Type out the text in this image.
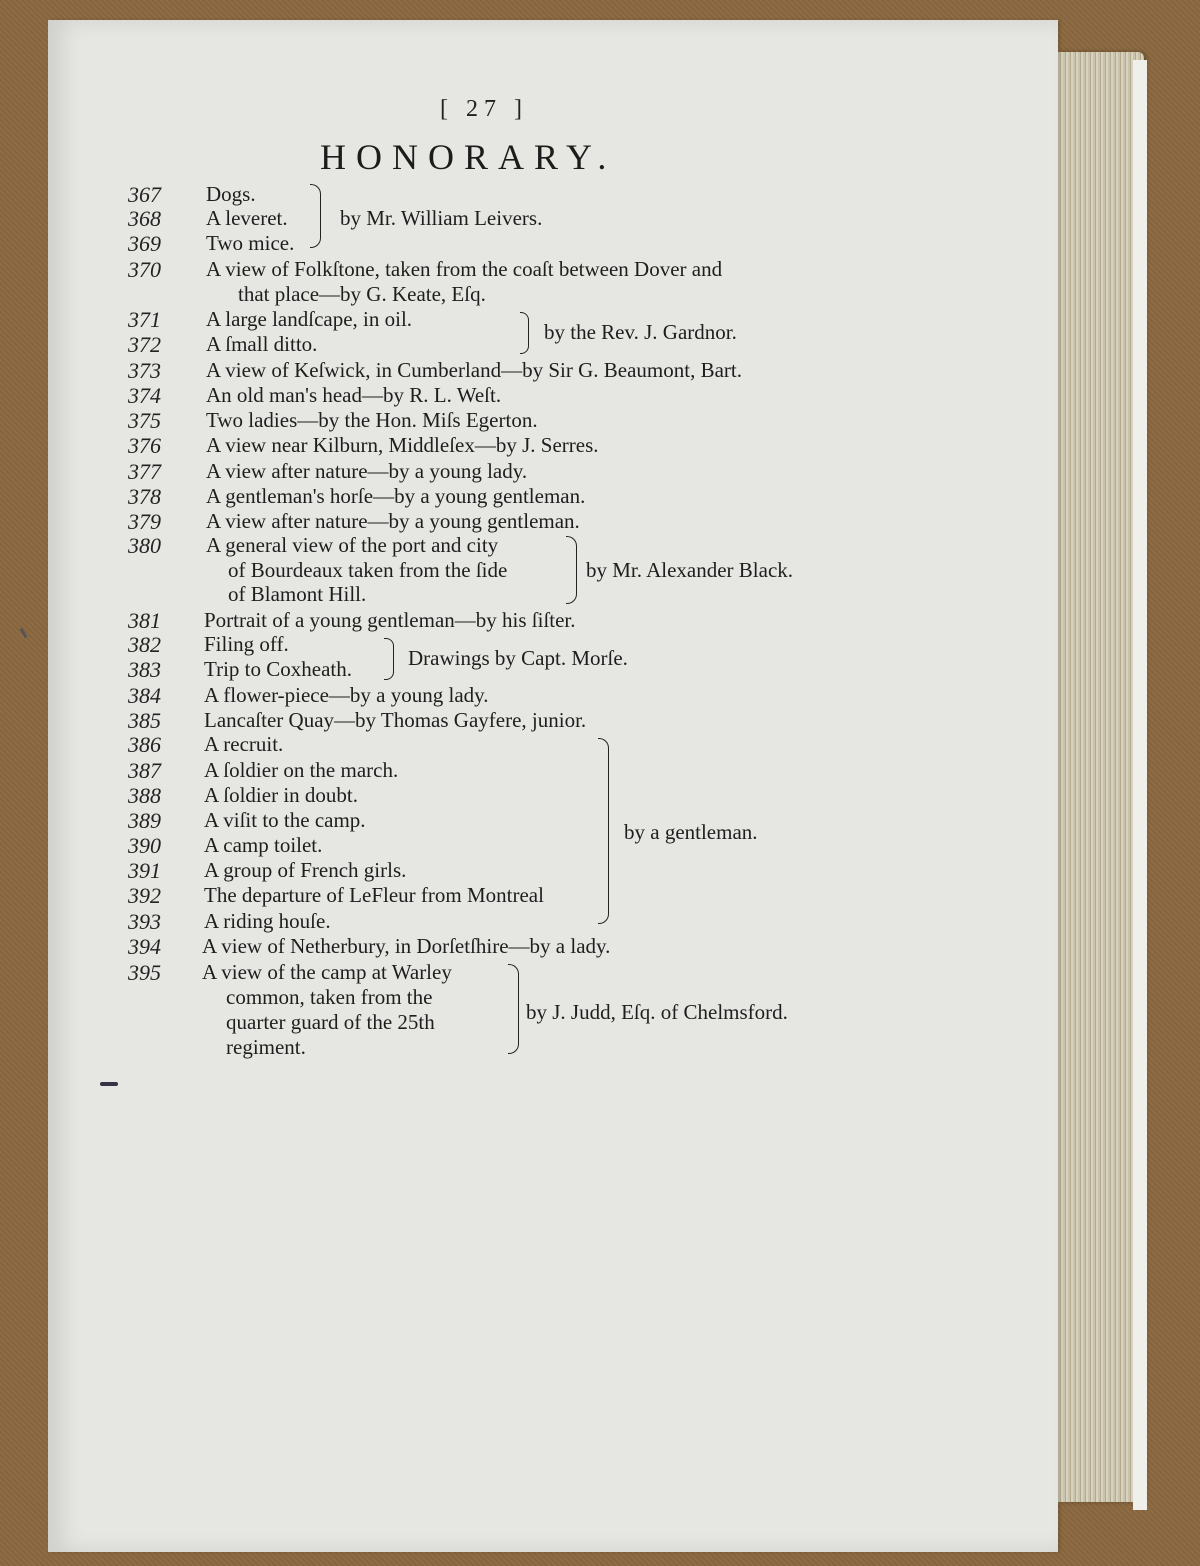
[ 27 ]
HONORARY.
367
368
369
370
371
372
373
374
375
376
377
378
379
380
381
382
383
384
385
386
387
388
389
390
391
392
393
394
395
Dogs.
A leveret.
Two mice.
by Mr. William Leivers.
A view of Folkſtone, taken from the coaſt between Dover and
that place—by G. Keate, Eſq.
A large landſcape, in oil.
A ſmall ditto.	by the Rev. J. Gardnor.
A view of Keſwick, in Cumberland—by Sir G. Beaumont, Bart.
An old man's head—by R. L. Weſt.
Two ladies—by the Hon. Miſs Egerton.
A view near Kilburn, Middleſex—by J. Serres.
A view after nature—by a young lady.
A gentleman's horſe—by a young gentleman.
A view after nature—by a young gentleman.
A general view of the port and city
of Bourdeaux taken from the ſide
of Blamont Hill.
by Mr. Alexander Black.
Portrait of a young gentleman—by his ſiſter.
Filing off.
Trip to Coxheath.	Drawings by Capt. Morſe.
A flower-piece—by a young lady.
Lancaſter Quay—by Thomas Gayfere, junior.
A recruit.
A ſoldier on the march.
A ſoldier in doubt.
A viſit to the camp.
A camp toilet.
A group of French girls.
The departure of LeFleur from Montreal
A riding houſe.
by a gentleman.
A view of Netherbury, in Dorſetſhire—by a lady.
A view of the camp at Warley
common, taken from the
quarter guard of the 25th
regiment.
by J. Judd, Eſq. of Chelmsford.
